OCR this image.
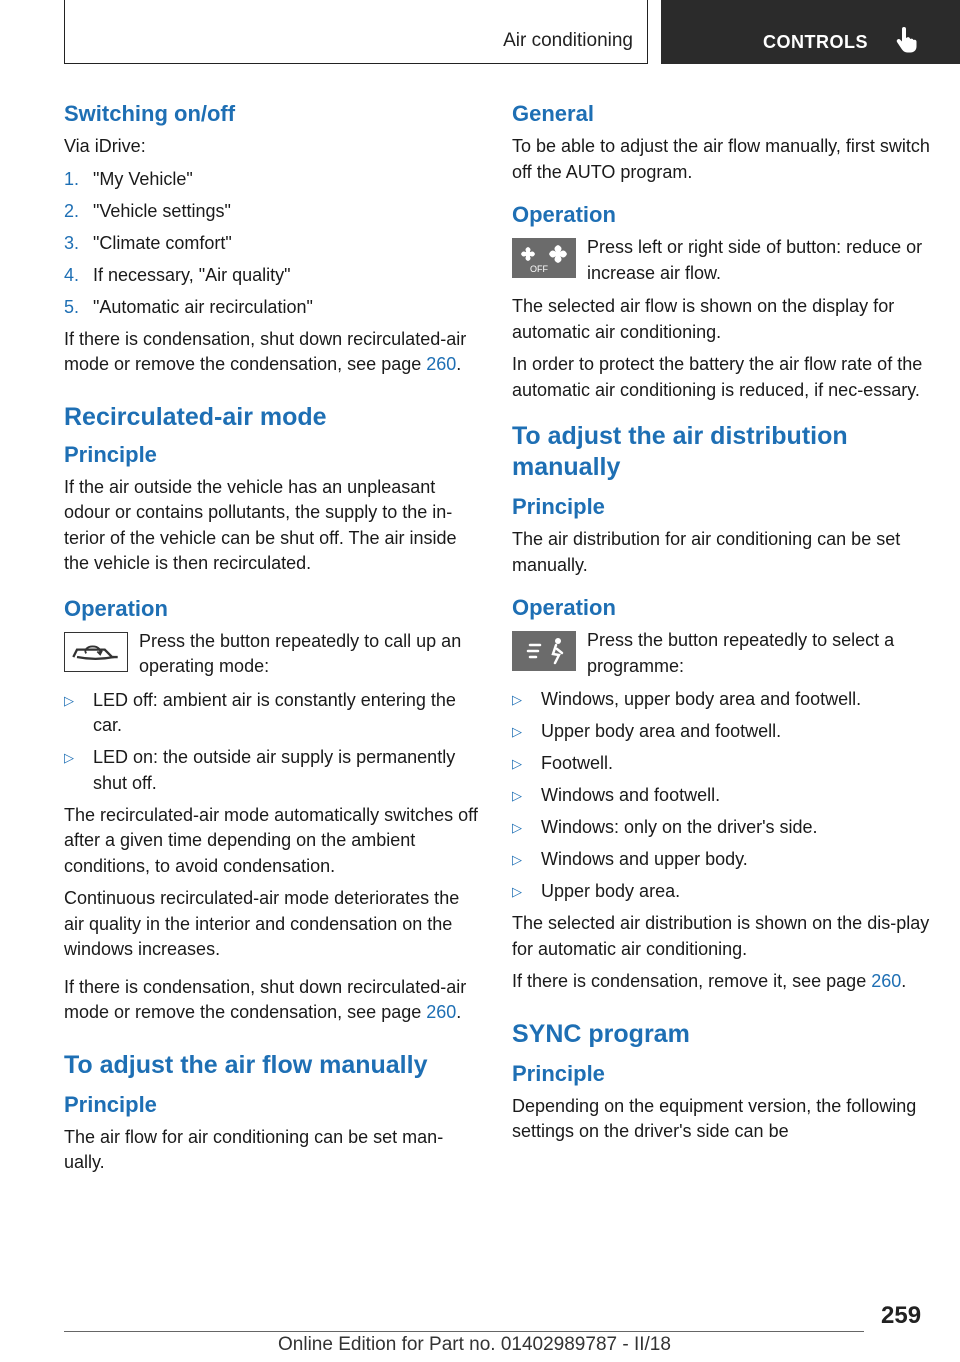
Air conditioning	CONTROLS
Switching on/off

Via iDrive:

1. "My Vehicle"
2. "Vehicle settings"
3. "Climate comfort"
4. If necessary, "Air quality"
5. "Automatic air recirculation"

If there is condensation, shut down recirculated-air mode or remove the condensation, see page 260.

Recirculated-air mode
Principle

If the air outside the vehicle has an unpleasant odour or contains pollutants, the supply to the in-terior of the vehicle can be shut off. The air inside the vehicle is then recirculated.

Operation

Press the button repeatedly to call up an operating mode:

▷	LED off: ambient air is constantly entering the car.
▷	LED on: the outside air supply is permanently shut off.

The recirculated-air mode automatically switches off after a given time depending on the ambient conditions, to avoid condensation.

Continuous recirculated-air mode deteriorates the air quality in the interior and condensation on the windows increases.

If there is condensation, shut down recirculated-air mode or remove the condensation, see page 260.

To adjust the air flow manually
Principle

The air flow for air conditioning can be set man-ually.

General

To be able to adjust the air flow manually, first switch off the AUTO program.

Operation
OFF

Press left or right side of button: reduce or increase air flow.

The selected air flow is shown on the display for automatic air conditioning.

In order to protect the battery the air flow rate of the automatic air conditioning is reduced, if nec-essary.

To adjust the air distribution manually
Principle

The air distribution for air conditioning can be set manually.

Operation

Press the button repeatedly to select a programme:

▷	Windows, upper body area and footwell.
▷	Upper body area and footwell.
▷	Footwell.
▷	Windows and footwell.
▷	Windows: only on the driver's side.
▷	Windows and upper body.
▷	Upper body area.

The selected air distribution is shown on the dis-play for automatic air conditioning.

If there is condensation, remove it, see page 260.

SYNC program
Principle

Depending on the equipment version, the following settings on the driver's side can be

259
Online Edition for Part no. 01402989787 - II/18
